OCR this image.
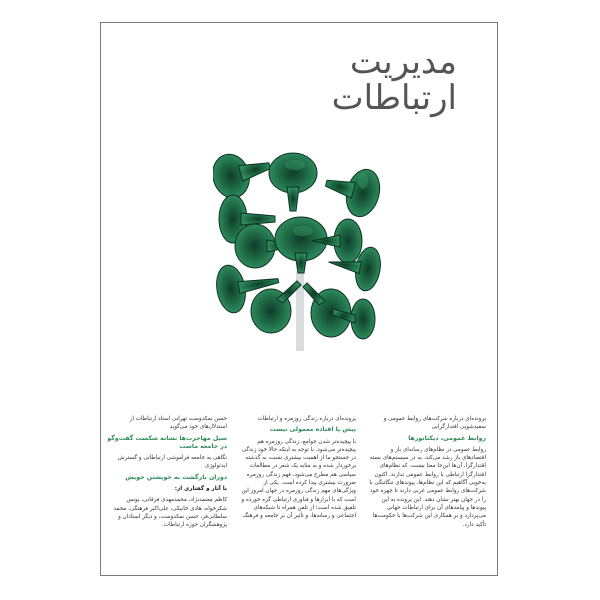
مدیریت
ارتباطات

پرونده‌ای درباره شرکت‌های روابط عمومی و سفیدشویی اقتدارگرایی

روابط عمومی، دیکتاتورها

روابط عمومی در نظام‌های رسانه‌ای باز و اقتصادهای باز رشد می‌کند. به در سیستم‌های بسته اقتدارگرا، آن‌ها این‌جا معنا نیست. که نظام‌های اقتدارگرا ارتباطی با روابط عمومی ندارند. اکنون به‌خوبی آگاهیم که این نظام‌ها، پیوندهای تنگاتنگی با شرکت‌های روابط عمومی غربی دارند تا چهره خود را در جهان بهتر نشان دهند. این پرونده به این پیوندها و پیامدهای آن برای ارتباطات جهانی می‌پردازد و بر همکاری این شرکت‌ها با حکومت‌ها تأکید دارد.

پرونده‌ای درباره زندگی روزمره و ارتباطات

پیش پا افتاده معمولی نیست

با پیچیده‌تر شدن جوامع، زندگی روزمره هم پیچیده‌تر می‌شود. با توجه به اینکه حالا خود زندگی در جستجو ما از اهمیت بیشتری نسبت به گذشته برخوردار شده و به مثابه یک شعر در مطالعات سیاسی هم مطرح می‌شود، فهم زندگی روزمره ضرورت بیشتری پیدا کرده است. یکی از ویژگی‌های مهم زندگی روزمره در جهان امروز این است که با ابزارها و فناوری ارتباطی گره خورده و تلفیق شده است؛ از تلفن همراه تا شبکه‌های اجتماعی و رسانه‌ها، و تأثیر آن بر جامعه و فرهنگ.

حسن نمکدوست تهرانی استاد ارتباطات از استدلال‌های خود می‌گوید

سیل مهاجرت‌ها نشانه شکست گفت‌وگو در جامعه ماست

نگاهی به جامعه فراموشی ارتباطاتی و گسترش ایدئولوژی

دوران بازگشت به خویشتن خویش

با آثار و گفتاری از:

کاظم معتمدنژاد، محمدمهدی فرقانی، یونس شکرخواه، هادی خانیکی، علی‌اکبر فرهنگی، محمد سلطانی‌فر، حسن نمکدوست، و دیگر استادان و پژوهشگران حوزه ارتباطات.
